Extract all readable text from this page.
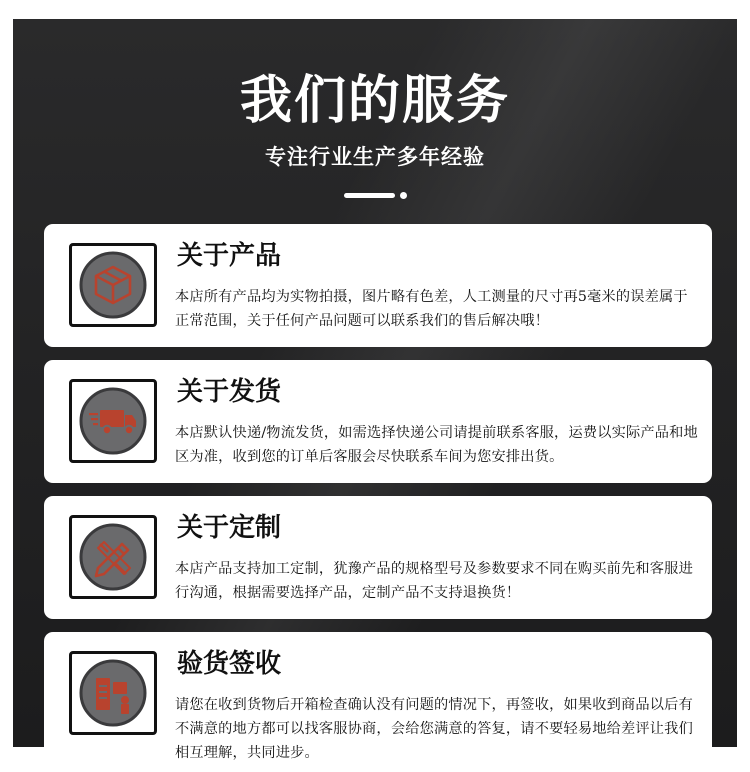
我们的服务
专注行业生产多年经验
关于产品
本店所有产品均为实物拍摄，图片略有色差，人工测量的尺寸再5毫米的误差属于正常范围，关于任何产品问题可以联系我们的售后解决哦！
关于发货
本店默认快递/物流发货，如需选择快递公司请提前联系客服，运费以实际产品和地区为准，收到您的订单后客服会尽快联系车间为您安排出货。
关于定制
本店产品支持加工定制，犹豫产品的规格型号及参数要求不同在购买前先和客服进行沟通，根据需要选择产品，定制产品不支持退换货！
验货签收
请您在收到货物后开箱检查确认没有问题的情况下，再签收，如果收到商品以后有不满意的地方都可以找客服协商，会给您满意的答复，请不要轻易地给差评让我们相互理解，共同进步。
